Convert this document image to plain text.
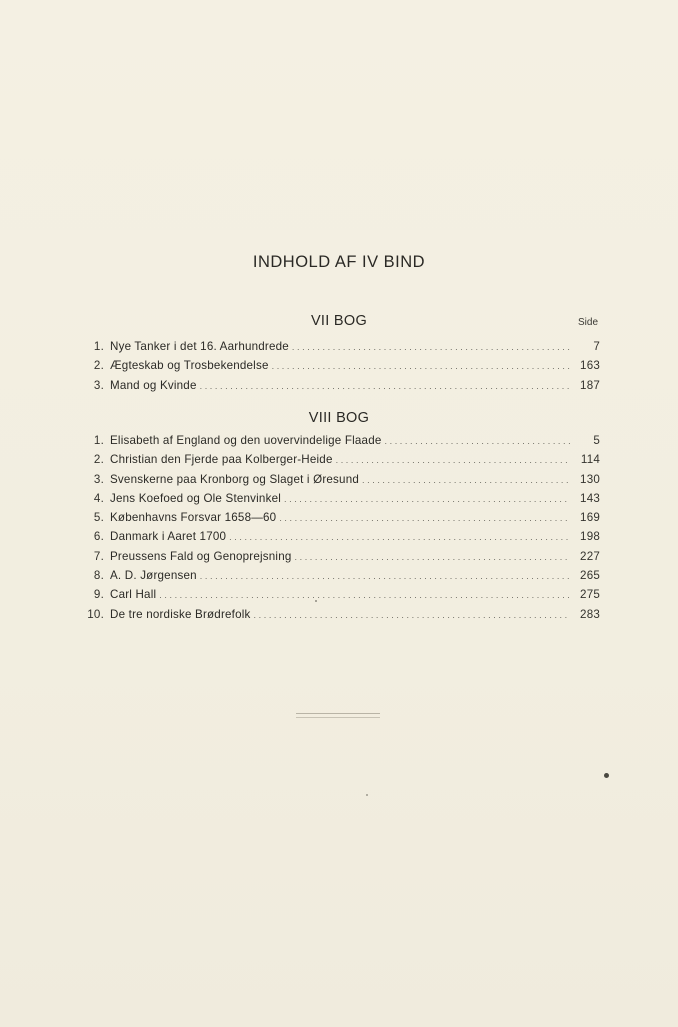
INDHOLD AF IV BIND
VII BOG	Side
1. Nye Tanker i det 16. Aarhundrede .....	7
2. Ægteskab og Trosbekendelse .....	163
3. Mand og Kvinde .....	187
VIII BOG
1. Elisabeth af England og den uovervindelige Flaade .....	5
2. Christian den Fjerde paa Kolberger-Heide .....	114
3. Svenskerne paa Kronborg og Slaget i Øresund .....	130
4. Jens Koefoed og Ole Stenvinkel .....	143
5. Københavns Forsvar 1658—60 .....	169
6. Danmark i Aaret 1700 .....	198
7. Preussens Fald og Genoprejsning .....	227
8. A. D. Jørgensen .....	265
9. Carl Hall .....	275
10. De tre nordiske Brødrefolk .....	283
